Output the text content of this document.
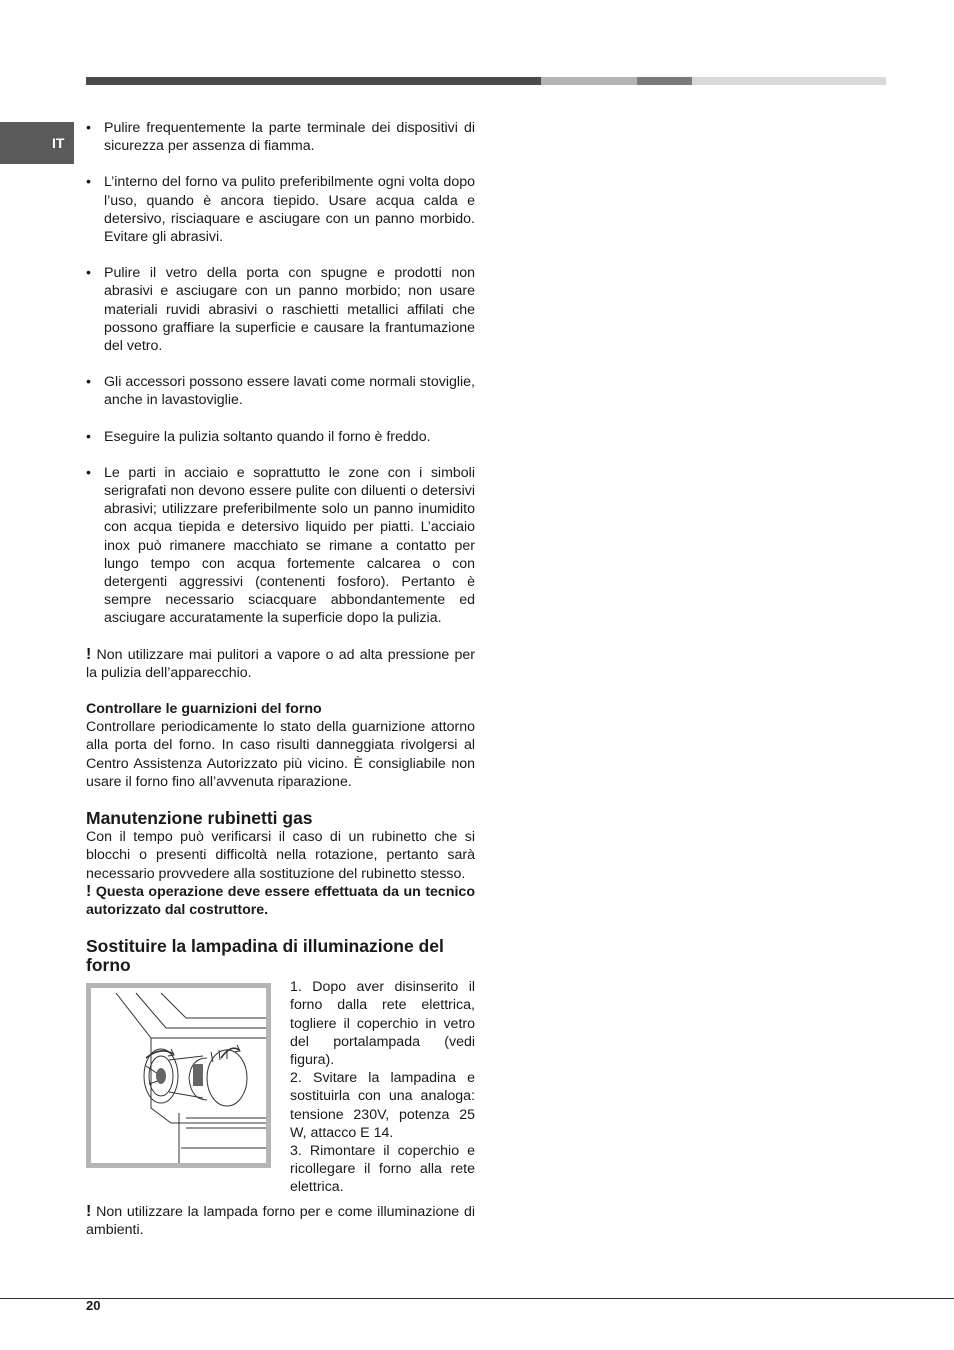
IT
• Pulire frequentemente la parte terminale dei dispositivi di sicurezza per assenza di fiamma.
• L’interno del forno va pulito preferibilmente ogni volta dopo l’uso, quando è ancora tiepido. Usare acqua calda e detersivo, risciaquare e asciugare con un panno morbido. Evitare gli abrasivi.
• Pulire il vetro della porta con spugne e prodotti non abrasivi e asciugare con un panno morbido; non usare materiali ruvidi abrasivi o raschietti metallici affilati che possono graffiare la superficie e causare la frantumazione del vetro.
• Gli accessori possono essere lavati come normali stoviglie, anche in lavastoviglie.
• Eseguire la pulizia soltanto quando il forno è freddo.
• Le parti in acciaio e soprattutto le zone con i simboli serigrafati non devono essere pulite con diluenti o detersivi abrasivi; utilizzare preferibilmente solo un panno inumidito con acqua tiepida e detersivo liquido per piatti. L’acciaio inox può rimanere macchiato se rimane a contatto per lungo tempo con acqua fortemente calcarea o con detergenti aggressivi (contenenti fosforo). Pertanto è sempre necessario sciacquare abbondantemente ed asciugare accuratamente la superficie dopo la pulizia.

! Non utilizzare mai pulitori a vapore o ad alta pressione per la pulizia dell’apparecchio.

Controllare le guarnizioni del forno

Controllare periodicamente lo stato della guarnizione attorno alla porta del forno. In caso risulti danneggiata rivolgersi al Centro Assistenza Autorizzato più vicino. È consigliabile non usare il forno fino all’avvenuta riparazione.

Manutenzione rubinetti gas

Con il tempo può verificarsi il caso di un rubinetto che si blocchi o presenti difficoltà nella rotazione, pertanto sarà necessario provvedere alla sostituzione del rubinetto stesso.

! Questa operazione deve essere effettuata da un tecnico autorizzato dal costruttore.

Sostituire la lampadina di illuminazione del forno

1. Dopo aver disinserito il forno dalla rete elettrica, togliere il coperchio in vetro del portalampada (vedi figura).

2. Svitare la lampadina e sostituirla con una analoga: tensione 230V, potenza 25 W, attacco E 14.

3. Rimontare il coperchio e ricollegare il forno alla rete elettrica.

! Non utilizzare la lampada forno per e come illuminazione di ambienti.

20
